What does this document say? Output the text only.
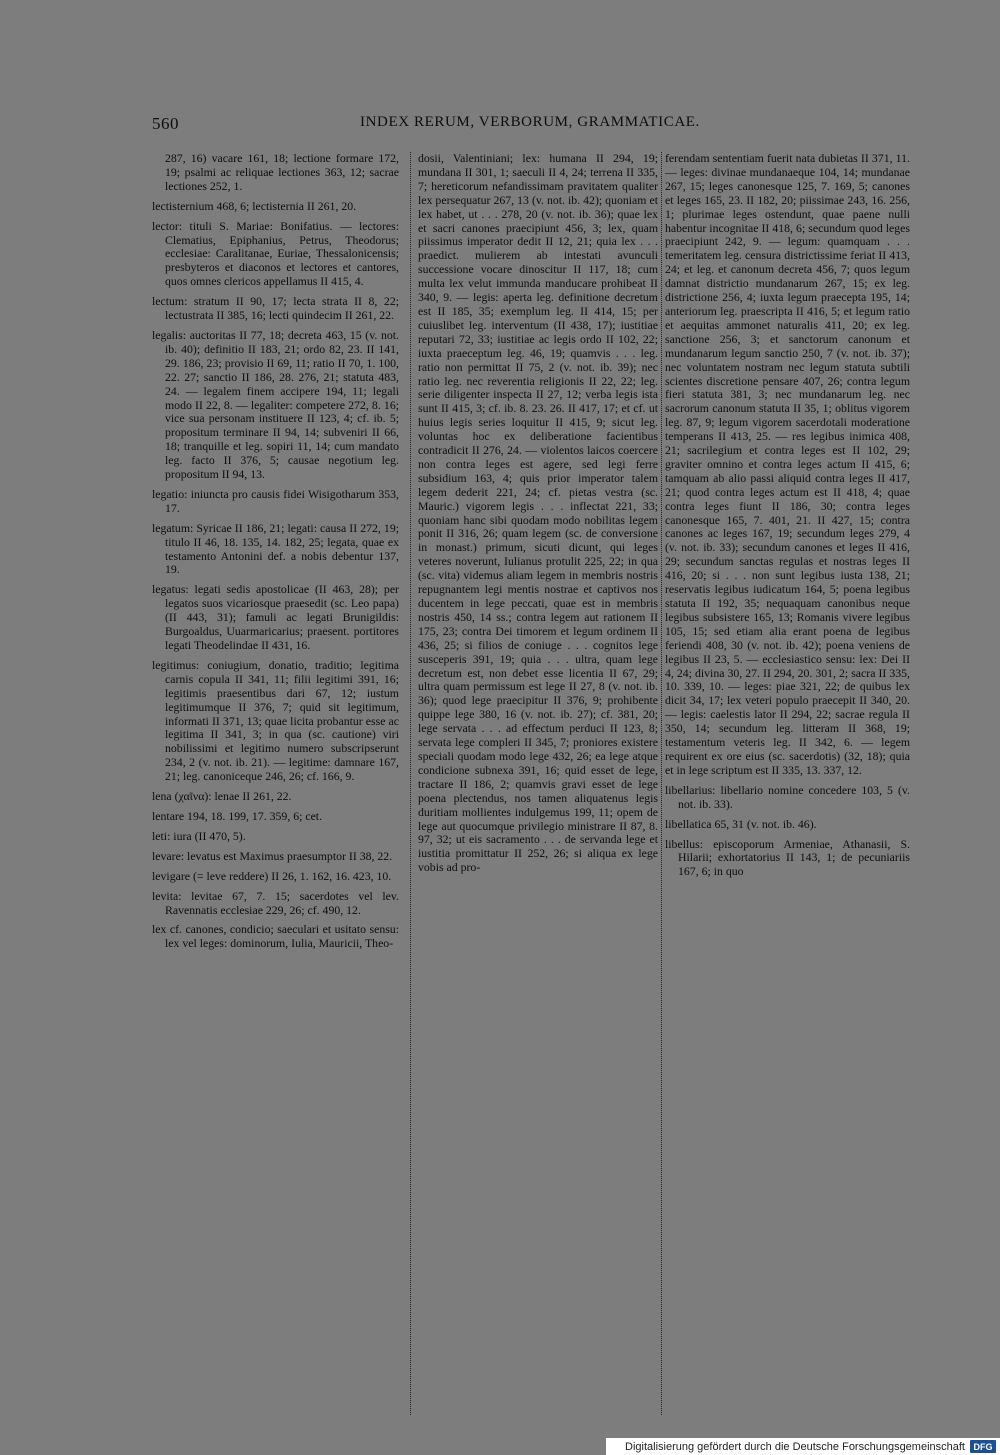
560	INDEX RERUM, VERBORUM, GRAMMATICAE.

287, 16) vacare 161, 18; lectione formare 172, 19; psalmi ac reliquae lectiones 363, 12; sacrae lectiones 252, 1.

lectisternium 468, 6; lectisternia II 261, 20.

lector: tituli S. Mariae: Bonifatius. — lectores: Clematius, Epiphanius, Petrus, Theodorus; ecclesiae: Caralitanae, Euriae, Thessalonicensis; presbyteros et diaconos et lectores et cantores, quos omnes clericos appellamus II 415, 4.

lectum: stratum II 90, 17; lecta strata II 8, 22; lectustrata II 385, 16; lecti quindecim II 261, 22.

legalis: auctoritas II 77, 18; decreta 463, 15 (v. not. ib. 40); definitio II 183, 21; ordo 82, 23. II 141, 29. 186, 23; provisio II 69, 11; ratio II 70, 1. 100, 22. 27; sanctio II 186, 28. 276, 21; statuta 483, 24. — legalem finem accipere 194, 11; legali modo II 22, 8. — legaliter: competere 272, 8. 16; vice sua personam instituere II 123, 4; cf. ib. 5; propositum terminare II 94, 14; subveniri II 66, 18; tranquille et leg. sopiri 11, 14; cum mandato leg. facto II 376, 5; causae negotium leg. propositum II 94, 13.

legatio: iniuncta pro causis fidei Wisigotharum 353, 17.

legatum: Syricae II 186, 21; legati: causa II 272, 19; titulo II 46, 18. 135, 14. 182, 25; legata, quae ex testamento Antonini def. a nobis debentur 137, 19.

legatus: legati sedis apostolicae (II 463, 28); per legatos suos vicariosque praesedit (sc. Leo papa) (II 443, 31); famuli ac legati Brunigildis: Burgoaldus, Uuarmaricarius; praesent. portitores legati Theodelindae II 431, 16.

legitimus: coniugium, donatio, traditio; legitima carnis copula II 341, 11; filii legitimi 391, 16; legitimis praesentibus dari 67, 12; iustum legitimumque II 376, 7; quid sit legitimum, informati II 371, 13; quae licita probantur esse ac legitima II 341, 3; in qua (sc. cautione) viri nobilissimi et legitimo numero subscripserunt 234, 2 (v. not. ib. 21). — legitime: damnare 167, 21; leg. canoniceque 246, 26; cf. 166, 9.

lena (χαῖνα): lenae II 261, 22.

lentare 194, 18. 199, 17. 359, 6; cet.

leti: iura (II 470, 5).

levare: levatus est Maximus praesumptor II 38, 22.

levigare (= leve reddere) II 26, 1. 162, 16. 423, 10.

levita: levitae 67, 7. 15; sacerdotes vel lev. Ravennatis ecclesiae 229, 26; cf. 490, 12.

lex cf. canones, condicio; saeculari et usitato sensu: lex vel leges: dominorum, Iulia, Mauricii, Theo-

dosii, Valentiniani; lex: humana II 294, 19; mundana II 301, 1; saeculi II 4, 24; terrena II 335, 7; hereticorum nefandissimam pravitatem qualiter lex persequatur 267, 13 (v. not. ib. 42); quoniam et lex habet, ut . . . 278, 20 (v. not. ib. 36); quae lex et sacri canones praecipiunt 456, 3; lex, quam piissimus imperator dedit II 12, 21; quia lex . . . praedict. mulierem ab intestati avunculi successione vocare dinoscitur II 117, 18; cum multa lex velut immunda manducare prohibeat II 340, 9. — legis: aperta leg. definitione decretum est II 185, 35; exemplum leg. II 414, 15; per cuiuslibet leg. interventum (II 438, 17); iustitiae reputari 72, 33; iustitiae ac legis ordo II 102, 22; iuxta praeceptum leg. 46, 19; quamvis . . . leg. ratio non permittat II 75, 2 (v. not. ib. 39); nec ratio leg. nec reverentia religionis II 22, 22; leg. serie diligenter inspecta II 27, 12; verba legis ista sunt II 415, 3; cf. ib. 8. 23. 26. II 417, 17; et cf. ut huius legis series loquitur II 415, 9; sicut leg. voluntas hoc ex deliberatione facientibus contradicit II 276, 24. — violentos laicos coercere non contra leges est agere, sed legi ferre subsidium 163, 4; quis prior imperator talem legem dederit 221, 24; cf. pietas vestra (sc. Mauric.) vigorem legis . . . inflectat 221, 33; quoniam hanc sibi quodam modo nobilitas legem ponit II 316, 26; quam legem (sc. de conversione in monast.) primum, sicuti dicunt, qui leges veteres noverunt, Iulianus protulit 225, 22; in qua (sc. vita) videmus aliam legem in membris nostris repugnantem legi mentis nostrae et captivos nos ducentem in lege peccati, quae est in membris nostris 450, 14 ss.; contra legem aut rationem II 175, 23; contra Dei timorem et legum ordinem II 436, 25; si filios de coniuge . . . cognitos lege susceperis 391, 19; quia . . . ultra, quam lege decretum est, non debet esse licentia II 67, 29; ultra quam permissum est lege II 27, 8 (v. not. ib. 36); quod lege praecipitur II 376, 9; prohibente quippe lege 380, 16 (v. not. ib. 27); cf. 381, 20; lege servata . . . ad effectum perduci II 123, 8; servata lege compleri II 345, 7; proniores existere speciali quodam modo lege 432, 26; ea lege atque condicione subnexa 391, 16; quid esset de lege, tractare II 186, 2; quamvis gravi esset de lege poena plectendus, nos tamen aliquatenus legis duritiam mollientes indulgemus 199, 11; opem de lege aut quocumque privilegio ministrare II 87, 8. 97, 32; ut eis sacramento . . . de servanda lege et iustitia promittatur II 252, 26; si aliqua ex lege vobis ad pro-

ferendam sententiam fuerit nata dubietas II 371, 11. — leges: divinae mundanaeque 104, 14; mundanae 267, 15; leges canonesque 125, 7. 169, 5; canones et leges 165, 23. II 182, 20; piissimae 243, 16. 256, 1; plurimae leges ostendunt, quae paene nulli habentur incognitae II 418, 6; secundum quod leges praecipiunt 242, 9. — legum: quamquam . . . temeritatem leg. censura districtissime feriat II 413, 24; et leg. et canonum decreta 456, 7; quos legum damnat districtio mundanarum 267, 15; ex leg. districtione 256, 4; iuxta legum praecepta 195, 14; anteriorum leg. praescripta II 416, 5; et legum ratio et aequitas ammonet naturalis 411, 20; ex leg. sanctione 256, 3; et sanctorum canonum et mundanarum legum sanctio 250, 7 (v. not. ib. 37); nec voluntatem nostram nec legum statuta subtili scientes discretione pensare 407, 26; contra legum fieri statuta 381, 3; nec mundanarum leg. nec sacrorum canonum statuta II 35, 1; oblitus vigorem leg. 87, 9; legum vigorem sacerdotali moderatione temperans II 413, 25. — res legibus inimica 408, 21; sacrilegium et contra leges est II 102, 29; graviter omnino et contra leges actum II 415, 6; tamquam ab alio passi aliquid contra leges II 417, 21; quod contra leges actum est II 418, 4; quae contra leges fiunt II 186, 30; contra leges canonesque 165, 7. 401, 21. II 427, 15; contra canones ac leges 167, 19; secundum leges 279, 4 (v. not. ib. 33); secundum canones et leges II 416, 29; secundum sanctas regulas et nostras leges II 416, 20; si . . . non sunt legibus iusta 138, 21; reservatis legibus iudicatum 164, 5; poena legibus statuta II 192, 35; nequaquam canonibus neque legibus subsistere 165, 13; Romanis vivere legibus 105, 15; sed etiam alia erant poena de legibus feriendi 408, 30 (v. not. ib. 42); poena veniens de legibus II 23, 5. — ecclesiastico sensu: lex: Dei II 4, 24; divina 30, 27. II 294, 20. 301, 2; sacra II 335, 10. 339, 10. — leges: piae 321, 22; de quibus lex dicit 34, 17; lex veteri populo praecepit II 340, 20. — legis: caelestis lator II 294, 22; sacrae regula II 350, 14; secundum leg. litteram II 368, 19; testamentum veteris leg. II 342, 6. — legem requirent ex ore eius (sc. sacerdotis) (32, 18); quia et in lege scriptum est II 335, 13. 337, 12.

libellarius: libellario nomine concedere 103, 5 (v. not. ib. 33).

libellatica 65, 31 (v. not. ib. 46).

libellus: episcoporum Armeniae, Athanasii, S. Hilarii; exhortatorius II 143, 1; de pecuniariis 167, 6; in quo

Digitalisierung gefördert durch die Deutsche Forschungsgemeinschaft DFG
